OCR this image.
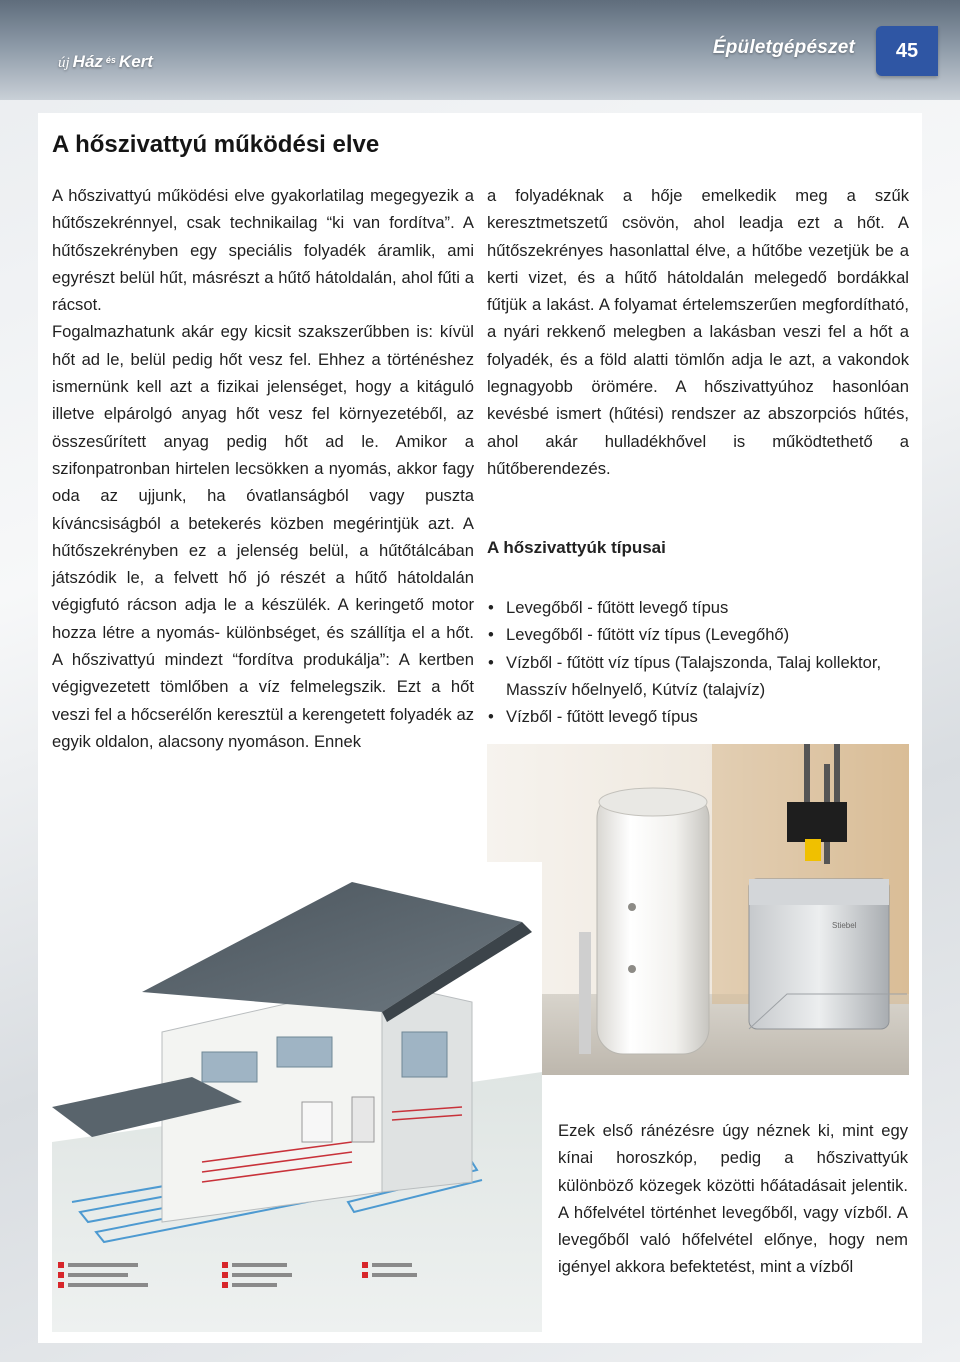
új Ház $^{és}$ Kert
Épületgépészet	45
A hőszivattyú működési elve

A hőszivattyú működési elve gyakorlatilag megegyezik a hűtőszekrénnyel, csak technikailag “ki van fordítva”. A hűtőszekrényben egy speciális folyadék áramlik, ami egyrészt belül hűt, másrészt a hűtő hátoldalán, ahol fűti a rácsot.

Fogalmazhatunk akár egy kicsit szakszerűbben is: kívül hőt ad le, belül pedig hőt vesz fel. Ehhez a történéshez ismernünk kell azt a fizikai jelenséget, hogy a kitáguló illetve elpárolgó anyag hőt vesz fel környezetéből, az összesűrített anyag pedig hőt ad le. Amikor a szifonpatronban hirtelen lecsökken a nyomás, akkor fagy oda az ujjunk, ha óvatlanságból vagy puszta kíváncsiságból a betekerés közben megérintjük azt. A hűtőszekrényben ez a jelenség belül, a hűtőtálcában játszódik le, a felvett hő jó részét a hűtő hátoldalán végigfutó rácson adja le a készülék. A keringető motor hozza létre a nyomás- különbséget, és szállítja el a hőt. A hőszivattyú mindezt “fordítva produkálja”: A kertben végigvezetett tömlőben a víz felmelegszik. Ezt a hőt veszi fel a hőcserélőn keresztül a kerengetett folyadék az egyik oldalon, alacsony nyomáson. Ennek

a folyadéknak a hője emelkedik meg a szűk keresztmetszetű csövön, ahol leadja ezt a hőt. A hűtőszekrényes hasonlattal élve, a hűtőbe vezetjük be a kerti vizet, és a hűtő hátoldalán melegedő bordákkal fűtjük a lakást. A folyamat értelemszerűen megfordítható, a nyári rekkenő melegben a lakásban veszi fel a hőt a folyadék, és a föld alatti tömlőn adja le azt, a vakondok legnagyobb örömére. A hőszivattyúhoz hasonlóan kevésbé ismert (hűtési) rendszer az abszorpciós hűtés, ahol akár hulladékhővel is működtethető a hűtőberendezés.

A hőszivattyúk típusai
• Levegőből - fűtött levegő típus
• Levegőből - fűtött víz típus (Levegőhő)
• Vízből - fűtött víz típus (Talajszonda, Talaj kollektor, Masszív hőelnyelő, Kútvíz (talajvíz)
• Vízből - fűtött levegő típus
Stiebel

Ezek első ránézésre úgy néznek ki, mint egy kínai horoszkóp, pedig a hőszivattyúk különböző közegek közötti hőátadásait jelentik. A hőfelvétel történhet levegőből, vagy vízből. A levegőből való hőfelvétel előnye, hogy nem igényel akkora befektetést, mint a vízből
